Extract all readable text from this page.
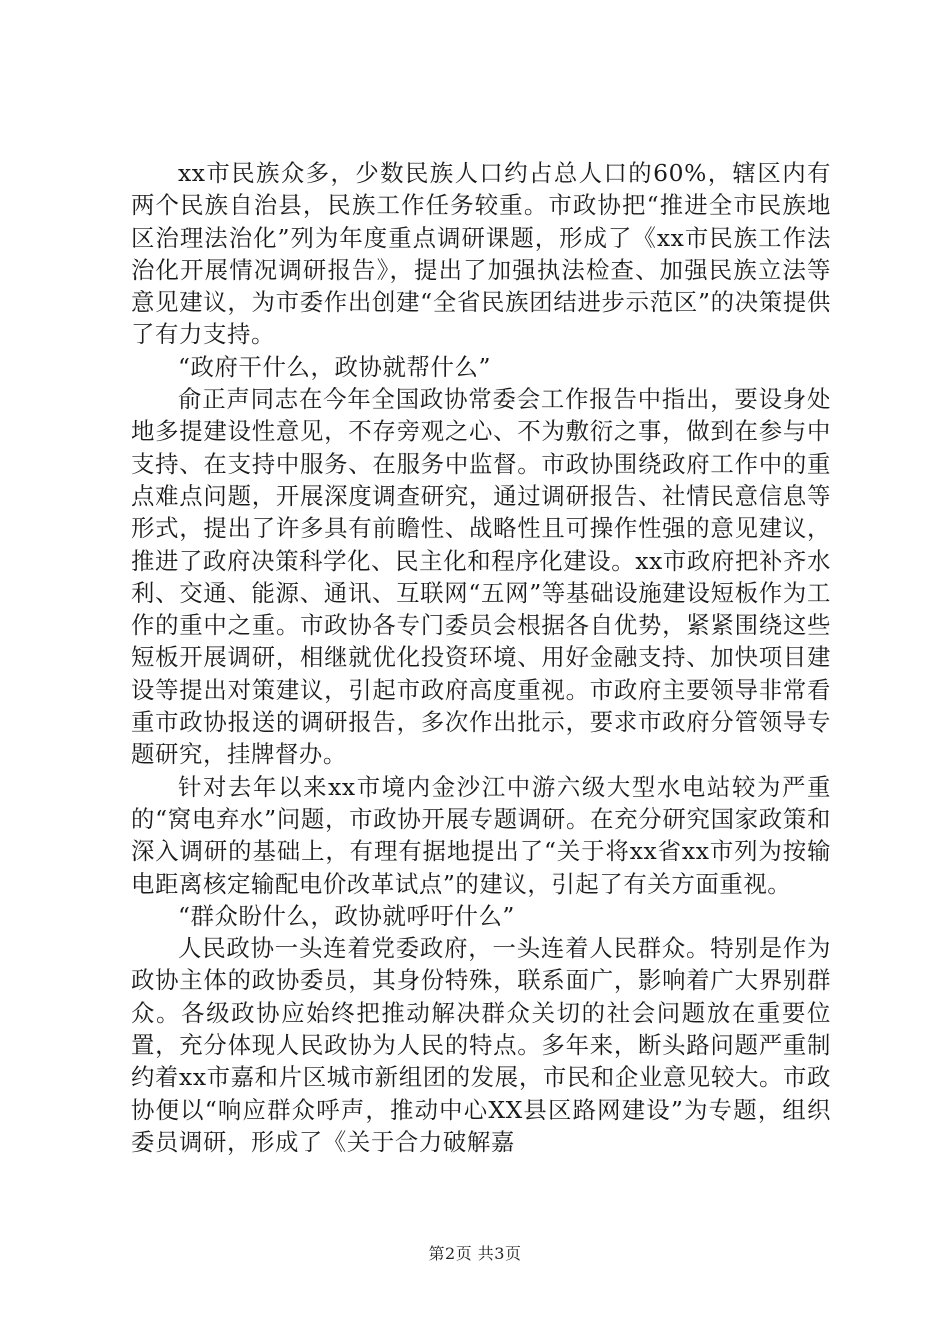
xx市民族众多，少数民族人口约占总人口的60%，辖区内有两个民族自治县，民族工作任务较重。市政协把“推进全市民族地区治理法治化”列为年度重点调研课题，形成了《xx市民族工作法治化开展情况调研报告》，提出了加强执法检查、加强民族立法等意见建议，为市委作出创建“全省民族团结进步示范区”的决策提供了有力支持。

“政府干什么，政协就帮什么”

俞正声同志在今年全国政协常委会工作报告中指出，要设身处地多提建设性意见，不存旁观之心、不为敷衍之事，做到在参与中支持、在支持中服务、在服务中监督。市政协围绕政府工作中的重点难点问题，开展深度调查研究，通过调研报告、社情民意信息等形式，提出了许多具有前瞻性、战略性且可操作性强的意见建议，推进了政府决策科学化、民主化和程序化建设。xx市政府把补齐水利、交通、能源、通讯、互联网“五网”等基础设施建设短板作为工作的重中之重。市政协各专门委员会根据各自优势，紧紧围绕这些短板开展调研，相继就优化投资环境、用好金融支持、加快项目建设等提出对策建议，引起市政府高度重视。市政府主要领导非常看重市政协报送的调研报告，多次作出批示，要求市政府分管领导专题研究，挂牌督办。

针对去年以来xx市境内金沙江中游六级大型水电站较为严重的“窝电弃水”问题，市政协开展专题调研。在充分研究国家政策和深入调研的基础上，有理有据地提出了“关于将xx省xx市列为按输电距离核定输配电价改革试点”的建议，引起了有关方面重视。

“群众盼什么，政协就呼吁什么”

人民政协一头连着党委政府，一头连着人民群众。特别是作为政协主体的政协委员，其身份特殊，联系面广，影响着广大界别群众。各级政协应始终把推动解决群众关切的社会问题放在重要位置，充分体现人民政协为人民的特点。多年来，断头路问题严重制约着xx市嘉和片区城市新组团的发展，市民和企业意见较大。市政协便以“响应群众呼声，推动中心XX县区路网建设”为专题，组织委员调研，形成了《关于合力破解嘉

第2页 共3页
